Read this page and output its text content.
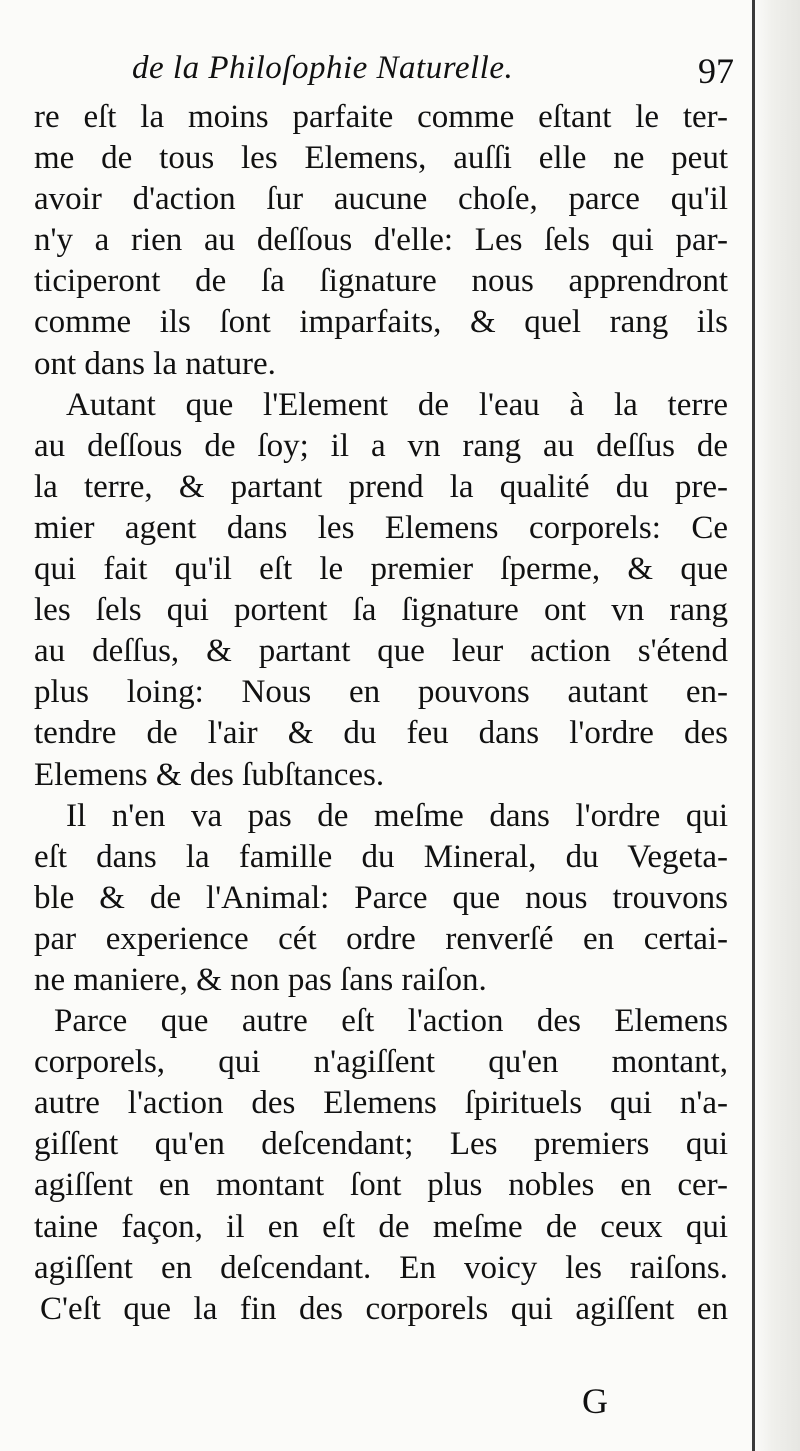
de la Philoſophie Naturelle.	97
re eſt la moins parfaite comme eſtant le ter-
me de tous les Elemens, auſſi elle ne peut
avoir d'action ſur aucune choſe, parce qu'il
n'y a rien au deſſous d'elle: Les ſels qui par-
ticiperont de ſa ſignature nous apprendront
comme ils ſont imparfaits, & quel rang ils
ont dans la nature.
Autant que l'Element de l'eau à la terre
au deſſous de ſoy; il a vn rang au deſſus de
la terre, & partant prend la qualité du pre-
mier agent dans les Elemens corporels: Ce
qui fait qu'il eſt le premier ſperme, & que
les ſels qui portent ſa ſignature ont vn rang
au deſſus, & partant que leur action s'étend
plus loing: Nous en pouvons autant en-
tendre de l'air & du feu dans l'ordre des
Elemens & des ſubſtances.
Il n'en va pas de meſme dans l'ordre qui
eſt dans la famille du Mineral, du Vegeta-
ble & de l'Animal: Parce que nous trouvons
par experience cét ordre renverſé en certai-
ne maniere, & non pas ſans raiſon.
Parce que autre eſt l'action des Elemens
corporels, qui n'agiſſent qu'en montant,
autre l'action des Elemens ſpirituels qui n'a-
giſſent qu'en deſcendant; Les premiers qui
agiſſent en montant ſont plus nobles en cer-
taine façon, il en eſt de meſme de ceux qui
agiſſent en deſcendant. En voicy les raiſons.
C'eſt que la fin des corporels qui agiſſent en
G
